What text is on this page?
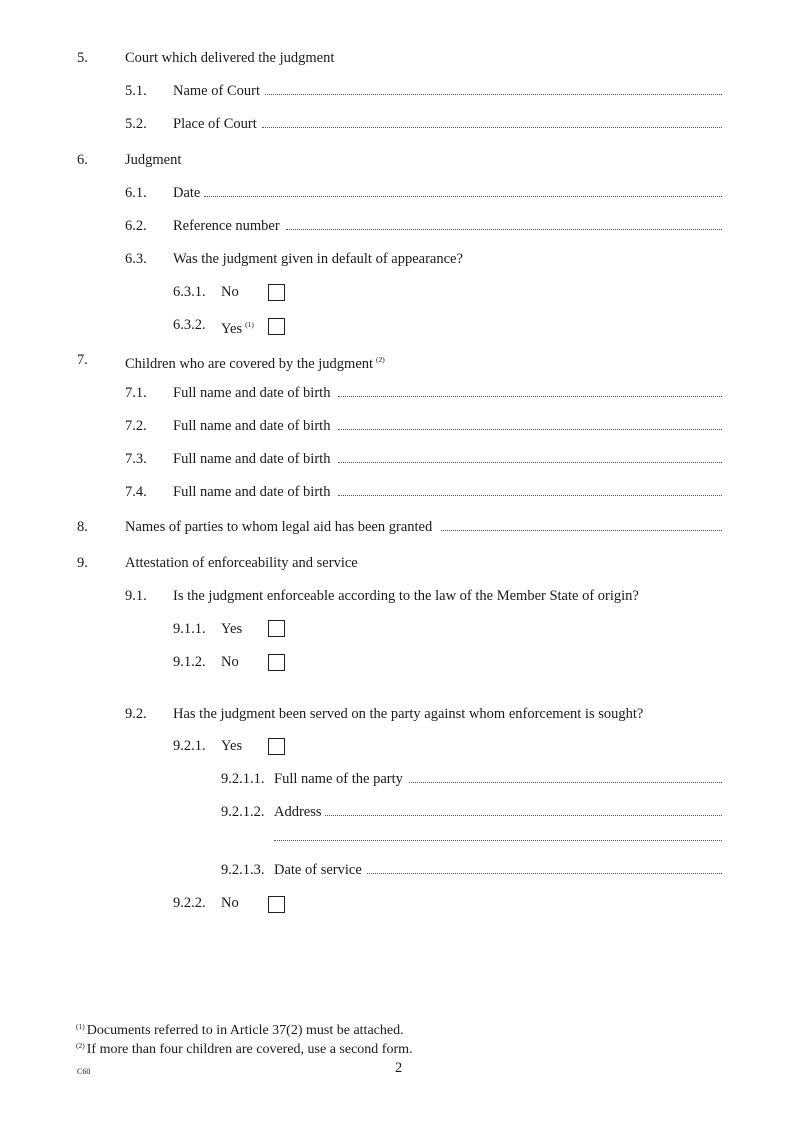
5.	Court which delivered the judgment
5.1. Name of Court
5.2. Place of Court
6.	Judgment
6.1. Date
6.2. Reference number
6.3. Was the judgment given in default of appearance?
6.3.1. No
6.3.2. Yes $^{(1)}$
7.	Children who are covered by the judgment $^{(2)}$
7.1. Full name and date of birth
7.2. Full name and date of birth
7.3. Full name and date of birth
7.4. Full name and date of birth
8.	Names of parties to whom legal aid has been granted
9.	Attestation of enforceability and service
9.1. Is the judgment enforceable according to the law of the Member State of origin?
9.1.1. Yes
9.1.2. No
9.2. Has the judgment been served on the party against whom enforcement is sought?
9.2.1. Yes
9.2.1.1. Full name of the party
9.2.1.2. Address
9.2.1.3. Date of service
9.2.2. No
$^{(1)}$ Documents referred to in Article 37(2) must be attached.
$^{(2)}$ If more than four children are covered, use a second form.
C60	2
